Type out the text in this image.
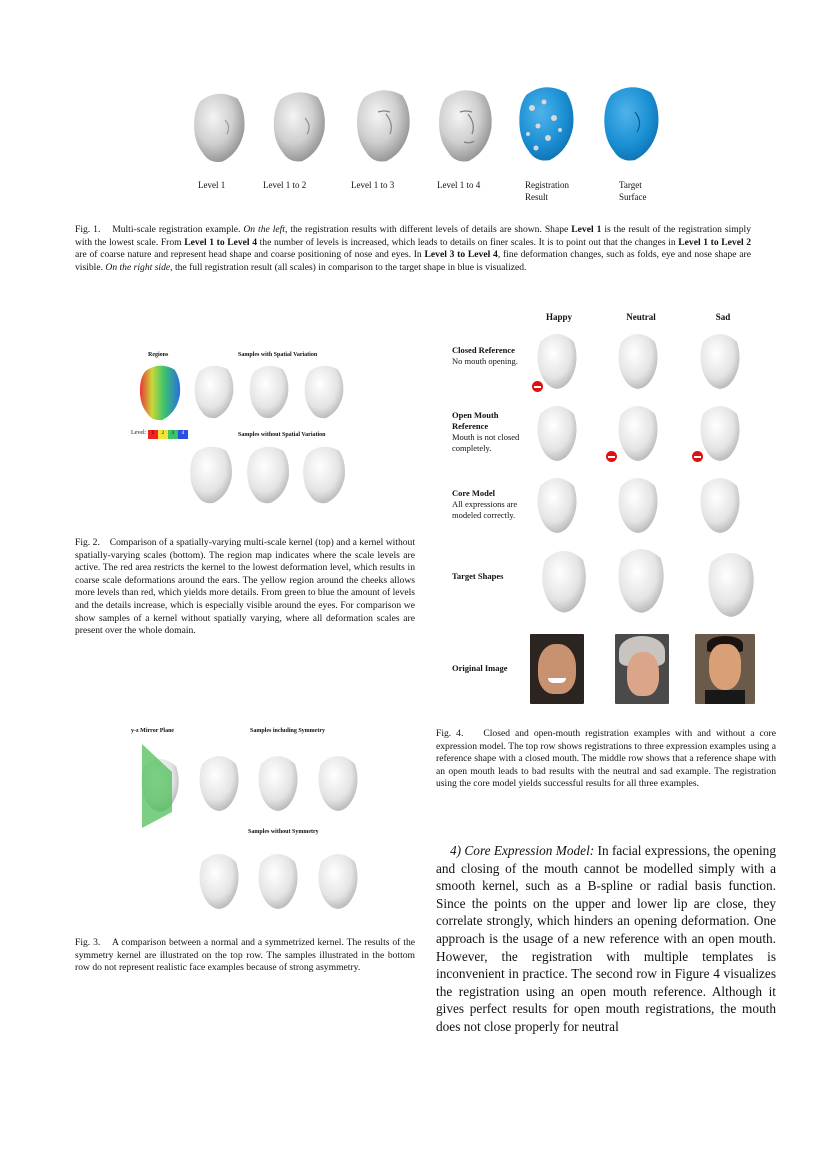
Level 1	Level 1 to 2	Level 1 to 3	Level 1 to 4	Registration
Result
Target
Surface
Fig. 1. Multi-scale registration example. On the left, the registration results with different levels of details are shown. Shape Level 1 is the result of the registration simply with the lowest scale. From Level 1 to Level 4 the number of levels is increased, which leads to details on finer scales. It is to point out that the changes in Level 1 to Level 2 are of coarse nature and represent head shape and coarse positioning of nose and eyes. In Level 3 to Level 4, fine deformation changes, such as folds, eye and nose shape are visible. On the right side, the full registration result (all scales) in comparison to the target shape in blue is visualized.
Regions	Samples with Spatial Variation
Level: 1 2 3 4	Samples without Spatial Variation
Fig. 2. Comparison of a spatially-varying multi-scale kernel (top) and a kernel without spatially-varying scales (bottom). The region map indicates where the scale levels are active. The red area restricts the kernel to the lowest deformation level, which results in coarse scale deformations around the ears. The yellow region around the cheeks allows more levels than red, which yields more details. From green to blue the amount of levels and the details increase, which is especially visible around the eyes. For comparison we show samples of a kernel without spatially varying, where all deformation scales are present over the whole domain.
y-z Mirror Plane	Samples including Symmetry
Samples without Symmetry
Fig. 3. A comparison between a normal and a symmetrized kernel. The results of the symmetry kernel are illustrated on the top row. The samples illustrated in the bottom row do not represent realistic face examples because of strong asymmetry.
Happy	Neutral	Sad
Closed Reference
No mouth opening.
Open Mouth
Reference
Mouth is not closed
completely.
Core Model
All expressions are
modeled correctly.
Target Shapes
Original Image
Fig. 4. Closed and open-mouth registration examples with and without a core expression model. The top row shows registrations to three expression examples using a reference shape with a closed mouth. The middle row shows that a reference shape with an open mouth leads to bad results with the neutral and sad example. The registration using the core model yields successful results for all three examples.
4) Core Expression Model: In facial expressions, the opening and closing of the mouth cannot be modelled simply with a smooth kernel, such as a B-spline or radial basis function. Since the points on the upper and lower lip are close, they correlate strongly, which hinders an opening deformation. One approach is the usage of a new reference with an open mouth. However, the registration with multiple templates is inconvenient in practice. The second row in Figure 4 visualizes the registration using an open mouth reference. Although it gives perfect results for open mouth registrations, the mouth does not close properly for neutral
